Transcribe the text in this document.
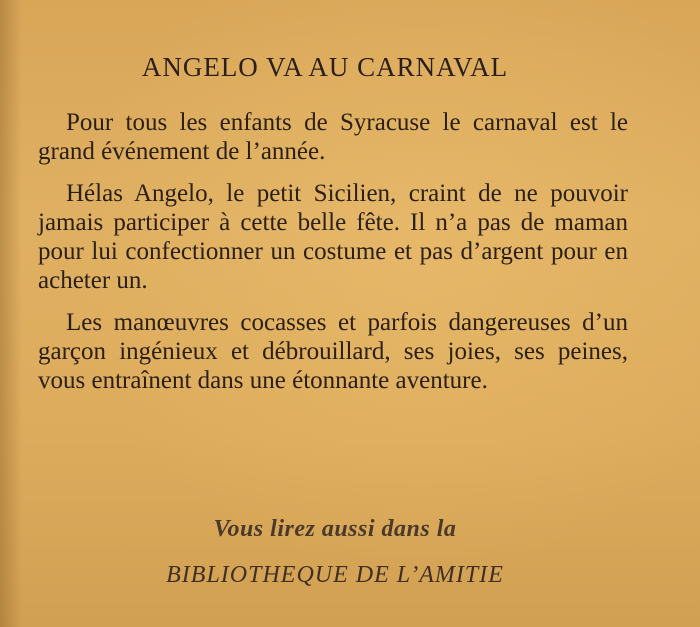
ANGELO VA AU CARNAVAL

Pour tous les enfants de Syracuse le carnaval est le grand événement de l’année.

Hélas Angelo, le petit Sicilien, craint de ne pouvoir jamais participer à cette belle fête. Il n’a pas de maman pour lui confectionner un costume et pas d’argent pour en acheter un.

Les manœuvres cocasses et parfois dangereuses d’un garçon ingénieux et débrouillard, ses joies, ses peines, vous entraînent dans une étonnante aventure.

Vous lirez aussi dans la
BIBLIOTHEQUE DE L’AMITIE
